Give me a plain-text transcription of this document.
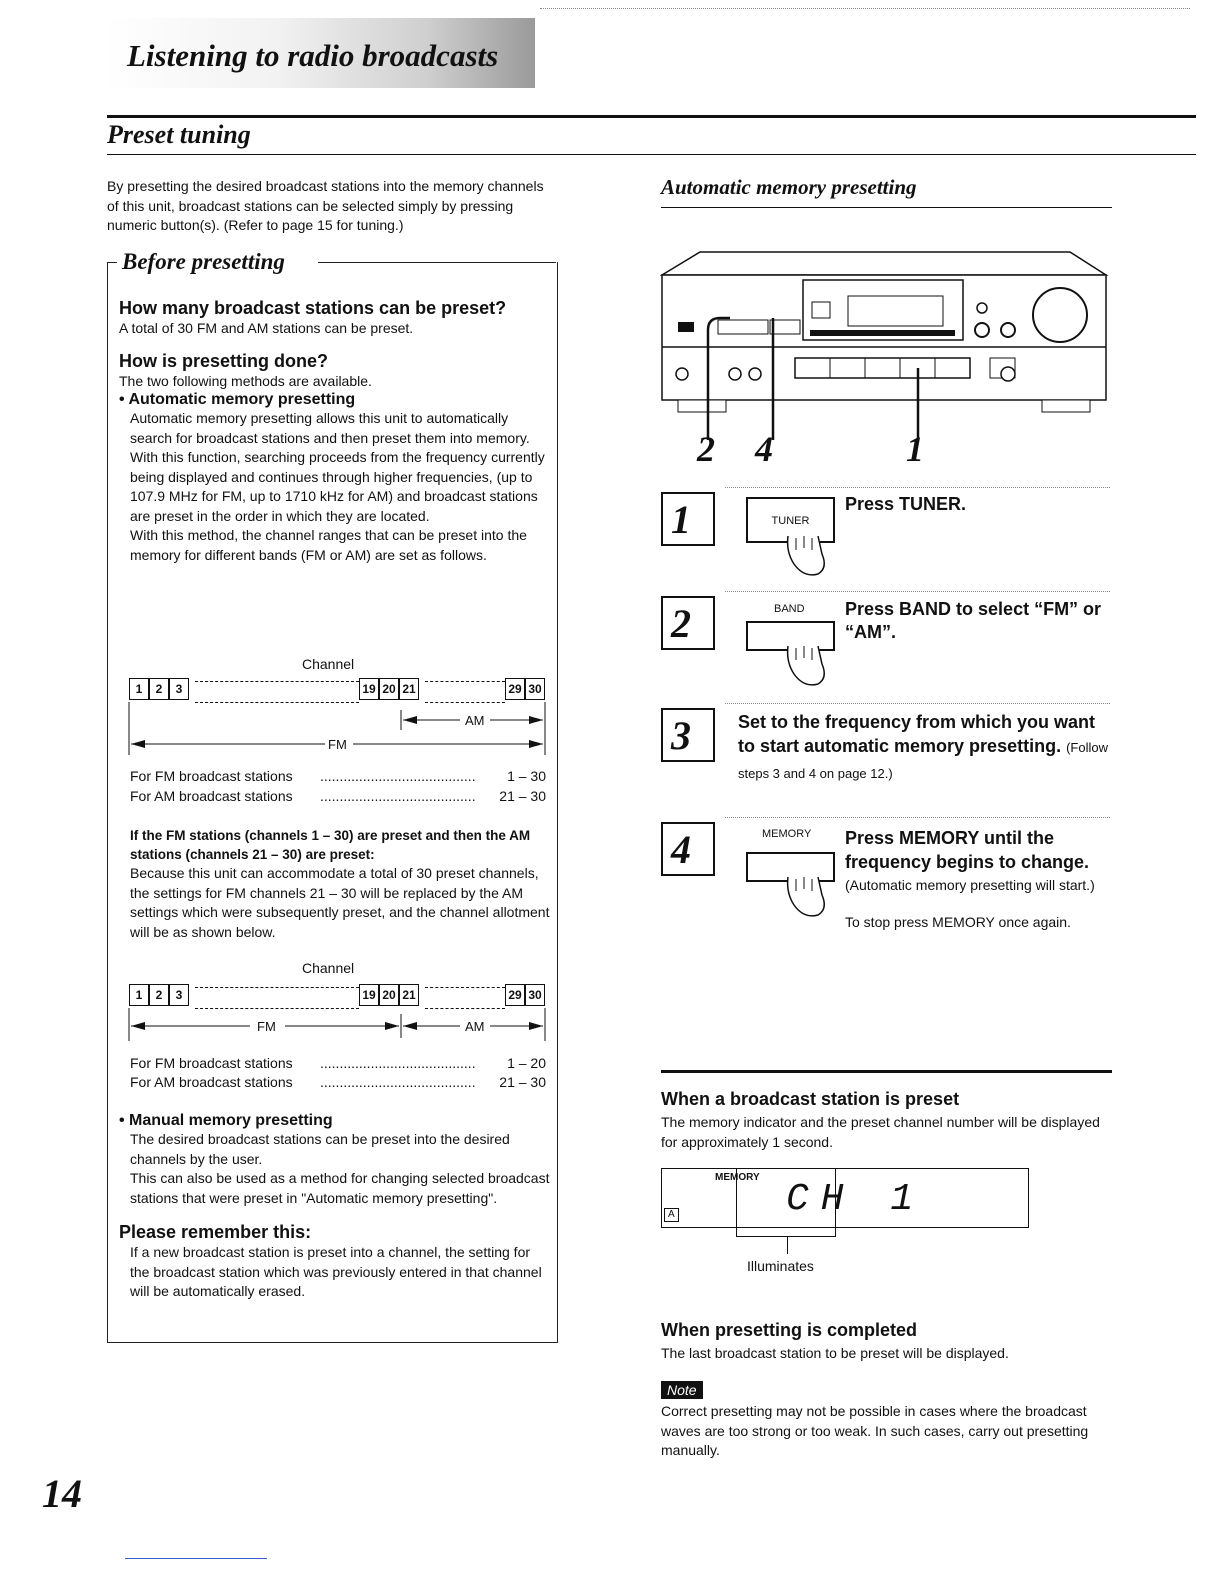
Listening to radio broadcasts
Preset tuning

By presetting the desired broadcast stations into the memory channels of this unit, broadcast stations can be selected simply by pressing numeric button(s). (Refer to page 15 for tuning.)

Before presetting
How many broadcast stations can be preset?

A total of 30 FM and AM stations can be preset.

How is presetting done?

The two following methods are available.

• Automatic memory presetting

Automatic memory presetting allows this unit to automatically search for broadcast stations and then preset them into memory.

With this function, searching proceeds from the frequency currently being displayed and continues through higher frequencies, (up to 107.9 MHz for FM, up to 1710 kHz for AM) and broadcast stations are preset in the order in which they are located.

With this method, the channel ranges that can be preset into the memory for different bands (FM or AM) are set as follows.

Channel
1 2 3	19 20 21	29 30
AM
FM
For FM broadcast stations ........................................	1 – 30
For AM broadcast stations ........................................	21 – 30
If the FM stations (channels 1 – 30) are preset and then the AM stations (channels 21 – 30) are preset:

Because this unit can accommodate a total of 30 preset channels, the settings for FM channels 21 – 30 will be replaced by the AM settings which were subsequently preset, and the channel allotment will be as shown below.

Channel
1 2 3	19 20 21	29 30
FM	AM
For FM broadcast stations ........................................	1 – 20
For AM broadcast stations ........................................	21 – 30
• Manual memory presetting

The desired broadcast stations can be preset into the desired channels by the user.

This can also be used as a method for changing selected broadcast stations that were preset in "Automatic memory presetting".

Please remember this:

If a new broadcast station is preset into a channel, the setting for the broadcast station which was previously entered in that channel will be automatically erased.

Automatic memory presetting
2 4	1
1	TUNER
Press TUNER.
2	BAND Press BAND to select “FM” or “AM”.
3	Set to the frequency from which you want to start automatic memory presetting. (Follow steps 3 and 4 on page 12.)
4	MEMORY Press MEMORY until the frequency begins to change.
(Automatic memory presetting will start.)
To stop press MEMORY once again.
When a broadcast station is preset

The memory indicator and the preset channel number will be displayed for approximately 1 second.

MEMORY
A	CH 1
Illuminates
When presetting is completed

The last broadcast station to be preset will be displayed.

Note

Correct presetting may not be possible in cases where the broadcast waves are too strong or too weak. In such cases, carry out presetting manually.

14
